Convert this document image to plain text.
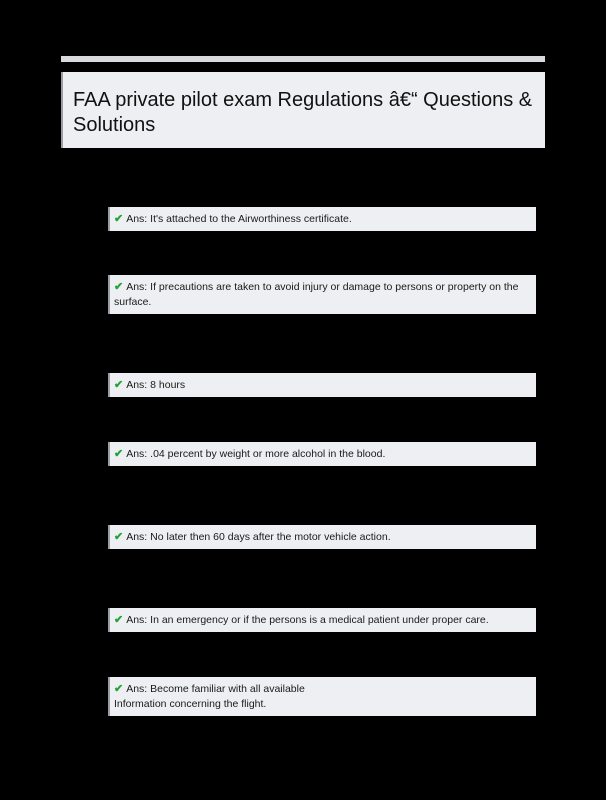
FAA private pilot exam Regulations â€“ Questions & Solutions
✔ Ans: It's attached to the Airworthiness certificate.
✔ Ans: If precautions are taken to avoid injury or damage to persons or property on the surface.
✔ Ans: 8 hours
✔ Ans: .04 percent by weight or more alcohol in the blood.
✔ Ans: No later then 60 days after the motor vehicle action.
✔ Ans: In an emergency or if the persons is a medical patient under proper care.
✔ Ans: Become familiar with all available
Information concerning the flight.
